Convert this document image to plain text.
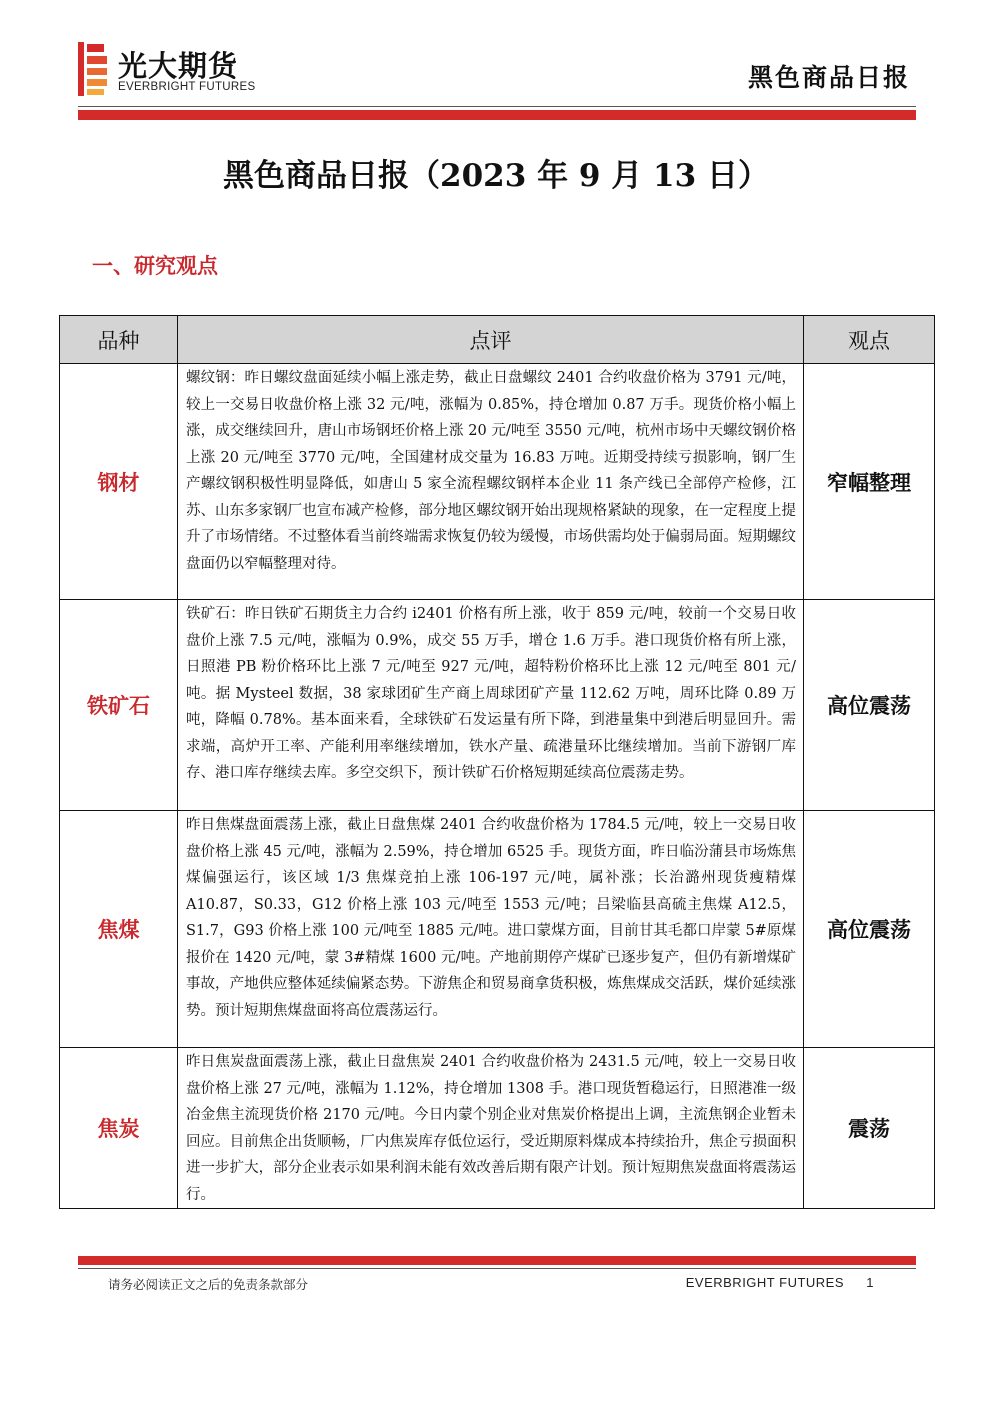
光大期货
EVERBRIGHT FUTURES	黑色商品日报
黑色商品日报（2023 年 9 月 13 日）
一、研究观点
品种	点评	观点
钢材	螺纹钢：昨日螺纹盘面延续小幅上涨走势，截止日盘螺纹 2401 合约收盘价格为 3791 元/吨，较上一交易日收盘价格上涨 32 元/吨，涨幅为 0.85%，持仓增加 0.87 万手。现货价格小幅上涨，成交继续回升，唐山市场钢坯价格上涨 20 元/吨至 3550 元/吨，杭州市场中天螺纹钢价格上涨 20 元/吨至 3770 元/吨，全国建材成交量为 16.83 万吨。近期受持续亏损影响，钢厂生产螺纹钢积极性明显降低，如唐山 5 家全流程螺纹钢样本企业 11 条产线已全部停产检修，江苏、山东多家钢厂也宣布减产检修，部分地区螺纹钢开始出现规格紧缺的现象，在一定程度上提升了市场情绪。不过整体看当前终端需求恢复仍较为缓慢，市场供需均处于偏弱局面。短期螺纹盘面仍以窄幅整理对待。	窄幅整理
铁矿石	铁矿石：昨日铁矿石期货主力合约 i2401 价格有所上涨，收于 859 元/吨，较前一个交易日收盘价上涨 7.5 元/吨，涨幅为 0.9%，成交 55 万手，增仓 1.6 万手。港口现货价格有所上涨，日照港 PB 粉价格环比上涨 7 元/吨至 927 元/吨，超特粉价格环比上涨 12 元/吨至 801 元/吨。据 Mysteel 数据，38 家球团矿生产商上周球团矿产量 112.62 万吨，周环比降 0.89 万吨，降幅 0.78%。基本面来看，全球铁矿石发运量有所下降，到港量集中到港后明显回升。需求端，高炉开工率、产能利用率继续增加，铁水产量、疏港量环比继续增加。当前下游钢厂库存、港口库存继续去库。多空交织下，预计铁矿石价格短期延续高位震荡走势。	高位震荡
焦煤	昨日焦煤盘面震荡上涨，截止日盘焦煤 2401 合约收盘价格为 1784.5 元/吨，较上一交易日收盘价格上涨 45 元/吨，涨幅为 2.59%，持仓增加 6525 手。现货方面，昨日临汾蒲县市场炼焦煤偏强运行，该区域 1/3 焦煤竞拍上涨 106-197 元/吨，属补涨；长治潞州现货瘦精煤 A10.87，S0.33，G12 价格上涨 103 元/吨至 1553 元/吨；吕梁临县高硫主焦煤 A12.5，S1.7，G93 价格上涨 100 元/吨至 1885 元/吨。进口蒙煤方面，目前甘其毛都口岸蒙 5#原煤报价在 1420 元/吨，蒙 3#精煤 1600 元/吨。产地前期停产煤矿已逐步复产，但仍有新增煤矿事故，产地供应整体延续偏紧态势。下游焦企和贸易商拿货积极，炼焦煤成交活跃，煤价延续涨势。预计短期焦煤盘面将高位震荡运行。	高位震荡
焦炭	昨日焦炭盘面震荡上涨，截止日盘焦炭 2401 合约收盘价格为 2431.5 元/吨，较上一交易日收盘价格上涨 27 元/吨，涨幅为 1.12%，持仓增加 1308 手。港口现货暂稳运行，日照港准一级冶金焦主流现货价格 2170 元/吨。今日内蒙个别企业对焦炭价格提出上调，主流焦钢企业暂未回应。目前焦企出货顺畅，厂内焦炭库存低位运行，受近期原料煤成本持续抬升，焦企亏损面积进一步扩大，部分企业表示如果利润未能有效改善后期有限产计划。预计短期焦炭盘面将震荡运行。	震荡
请务必阅读正文之后的免责条款部分	EVERBRIGHT FUTURES 1
